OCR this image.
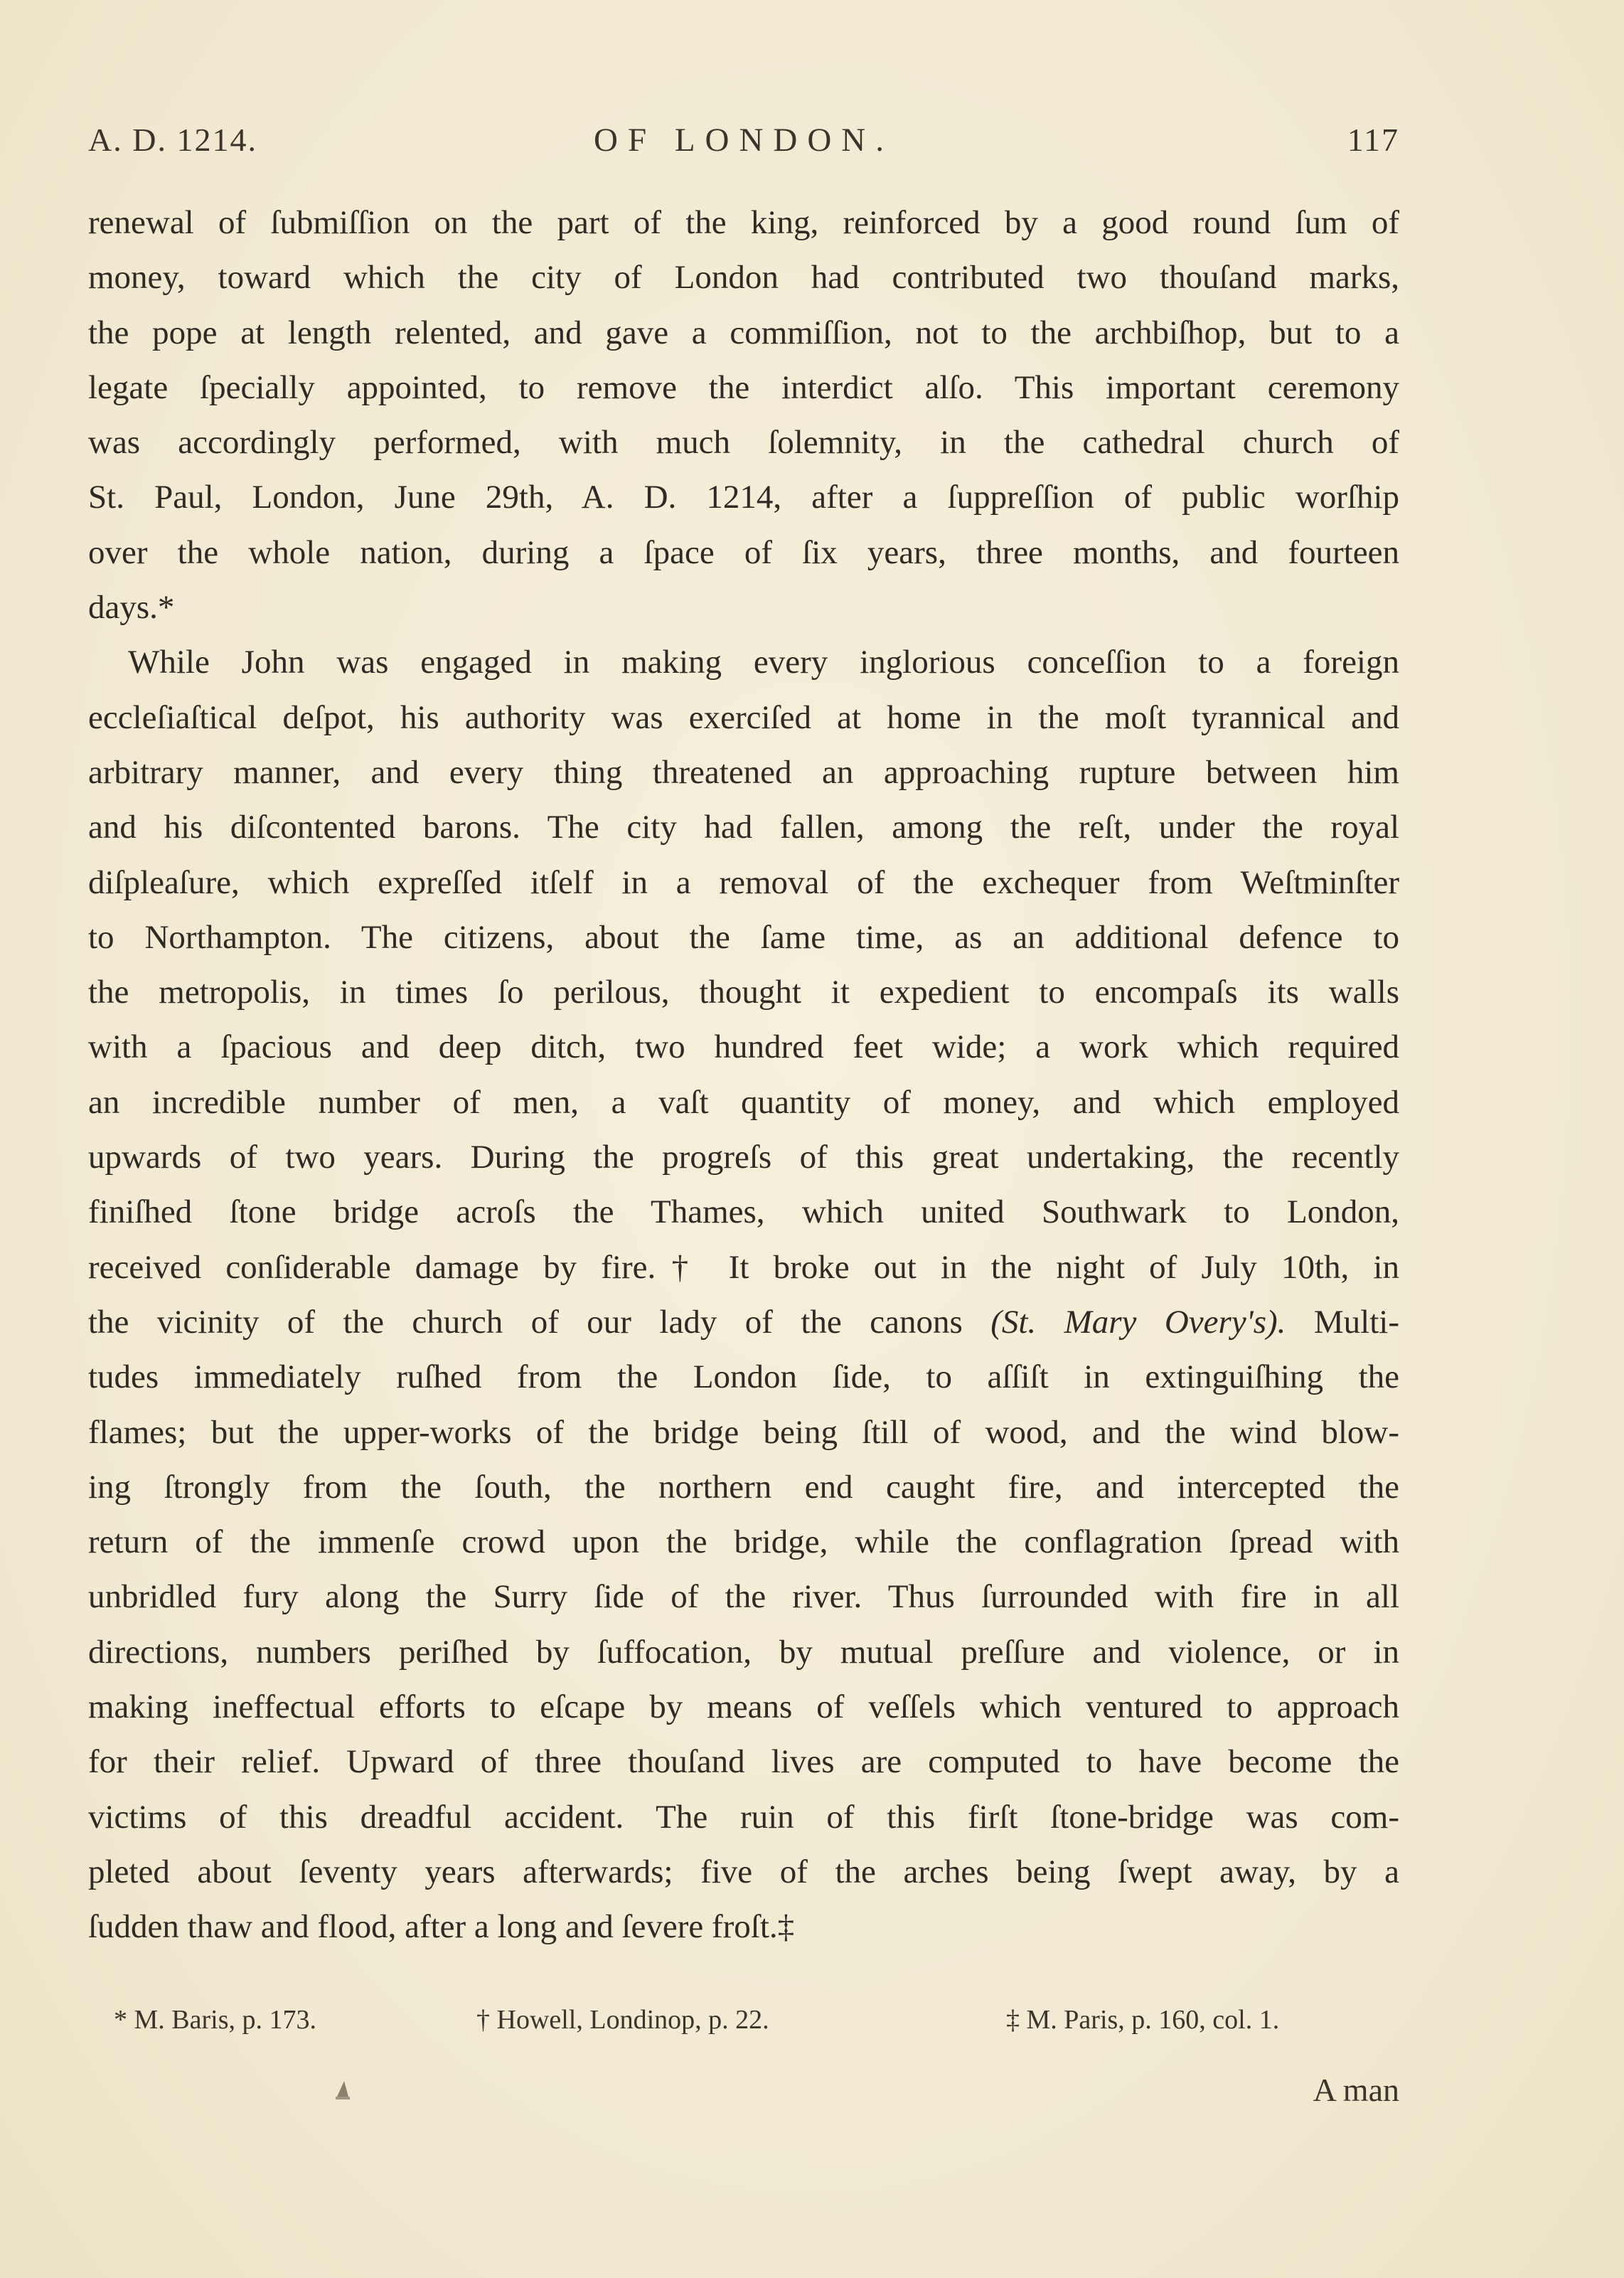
A. D. 1214.	OF LONDON.	117
renewal of ſubmiſſion on the part of the king, reinforced by a good round ſum of
money, toward which the city of London had contributed two thouſand marks,
the pope at length relented, and gave a commiſſion, not to the archbiſhop, but to a
legate ſpecially appointed, to remove the interdict alſo. This important ceremony
was accordingly performed, with much ſolemnity, in the cathedral church of
St. Paul, London, June 29th, A. D. 1214, after a ſuppreſſion of public worſhip
over the whole nation, during a ſpace of ſix years, three months, and fourteen
days.*
While John was engaged in making every inglorious conceſſion to a foreign
eccleſiaſtical deſpot, his authority was exerciſed at home in the moſt tyrannical and
arbitrary manner, and every thing threatened an approaching rupture between him
and his diſcontented barons. The city had fallen, among the reſt, under the royal
diſpleaſure, which expreſſed itſelf in a removal of the exchequer from Weſtminſter
to Northampton. The citizens, about the ſame time, as an additional defence to
the metropolis, in times ſo perilous, thought it expedient to encompaſs its walls
with a ſpacious and deep ditch, two hundred feet wide; a work which required
an incredible number of men, a vaſt quantity of money, and which employed
upwards of two years. During the progreſs of this great undertaking, the recently
finiſhed ſtone bridge acroſs the Thames, which united Southwark to London,
received conſiderable damage by fire.† It broke out in the night of July 10th, in
the vicinity of the church of our lady of the canons (St. Mary Overy's). Multi-
tudes immediately ruſhed from the London ſide, to aſſiſt in extinguiſhing the
flames; but the upper-works of the bridge being ſtill of wood, and the wind blow-
ing ſtrongly from the ſouth, the northern end caught fire, and intercepted the
return of the immenſe crowd upon the bridge, while the conflagration ſpread with
unbridled fury along the Surry ſide of the river. Thus ſurrounded with fire in all
directions, numbers periſhed by ſuffocation, by mutual preſſure and violence, or in
making ineffectual efforts to eſcape by means of veſſels which ventured to approach
for their relief. Upward of three thouſand lives are computed to have become the
victims of this dreadful accident. The ruin of this firſt ſtone-bridge was com-
pleted about ſeventy years afterwards; five of the arches being ſwept away, by a
ſudden thaw and flood, after a long and ſevere froſt.‡
* M. Baris, p. 173.	† Howell, Londinop, p. 22.	‡ M. Paris, p. 160, col. 1.
A man
